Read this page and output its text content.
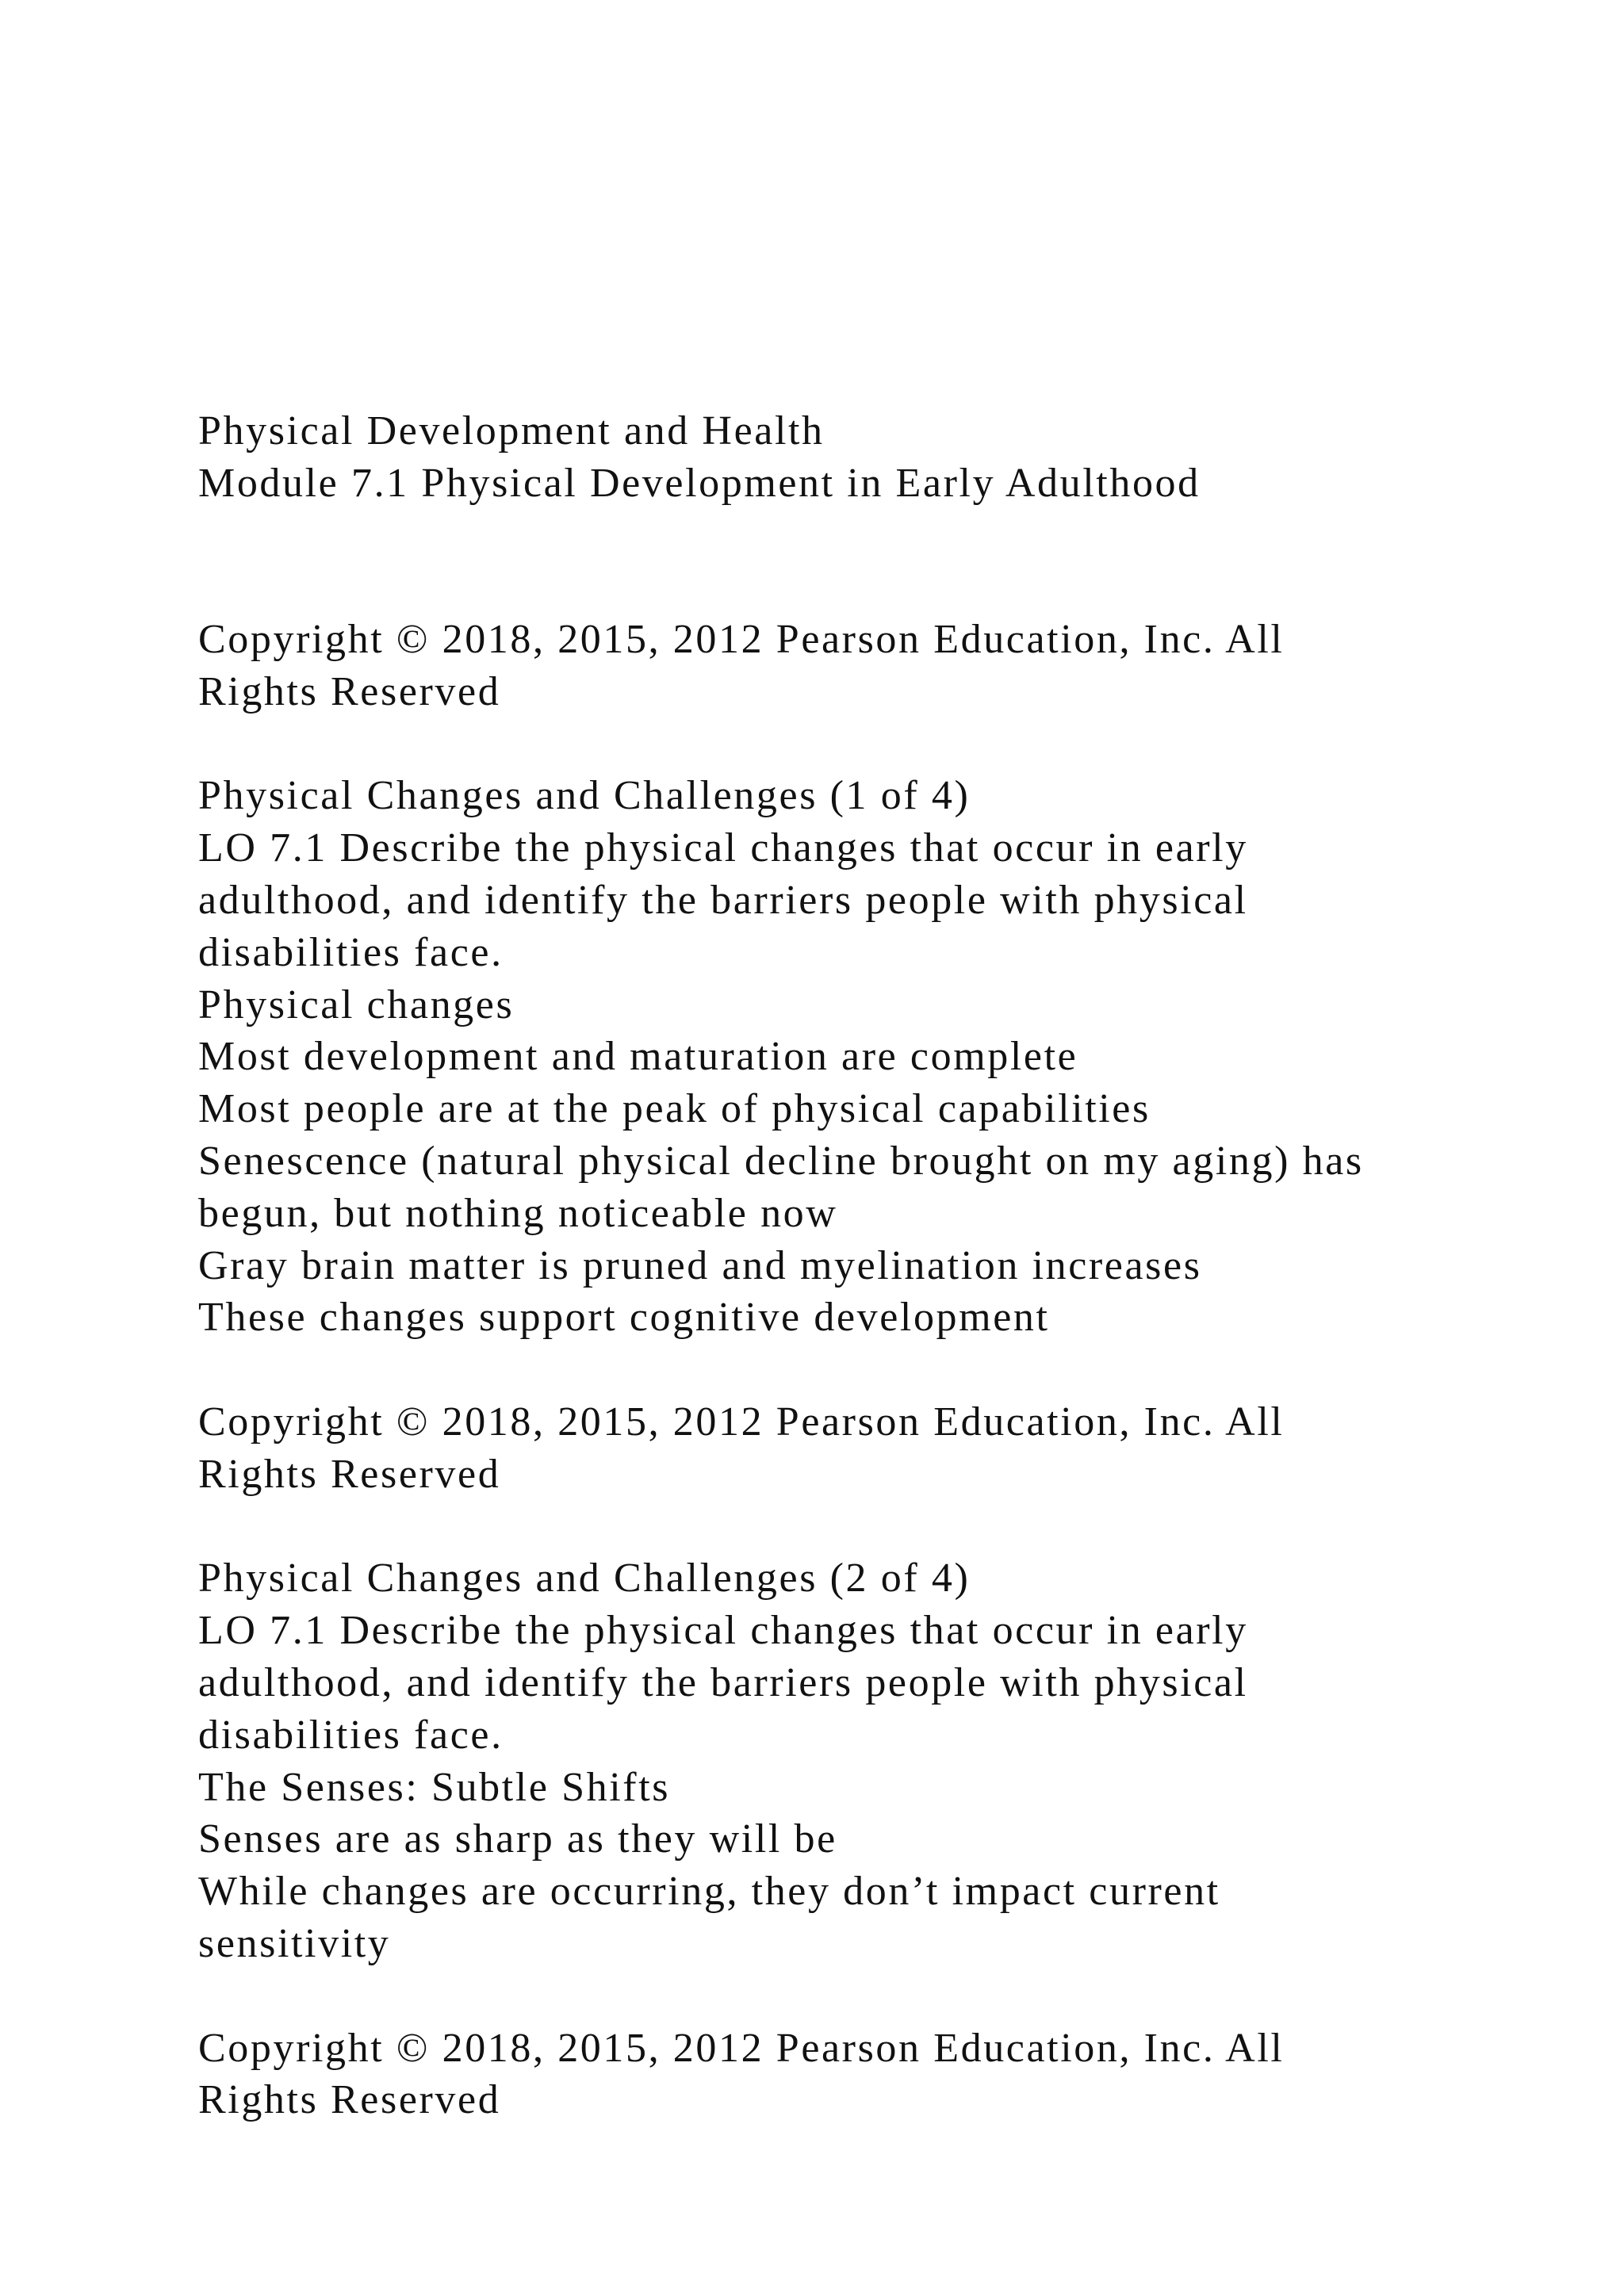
Physical Development and Health
Module 7.1 Physical Development in Early Adulthood
Copyright © 2018, 2015, 2012 Pearson Education, Inc. All
Rights Reserved
Physical Changes and Challenges (1 of 4)
LO 7.1 Describe the physical changes that occur in early
adulthood, and identify the barriers people with physical
disabilities face.
Physical changes
Most development and maturation are complete
Most people are at the peak of physical capabilities
Senescence (natural physical decline brought on my aging) has
begun, but nothing noticeable now
Gray brain matter is pruned and myelination increases
These changes support cognitive development
Copyright © 2018, 2015, 2012 Pearson Education, Inc. All
Rights Reserved
Physical Changes and Challenges (2 of 4)
LO 7.1 Describe the physical changes that occur in early
adulthood, and identify the barriers people with physical
disabilities face.
The Senses: Subtle Shifts
Senses are as sharp as they will be
While changes are occurring, they don’t impact current
sensitivity
Copyright © 2018, 2015, 2012 Pearson Education, Inc. All
Rights Reserved
